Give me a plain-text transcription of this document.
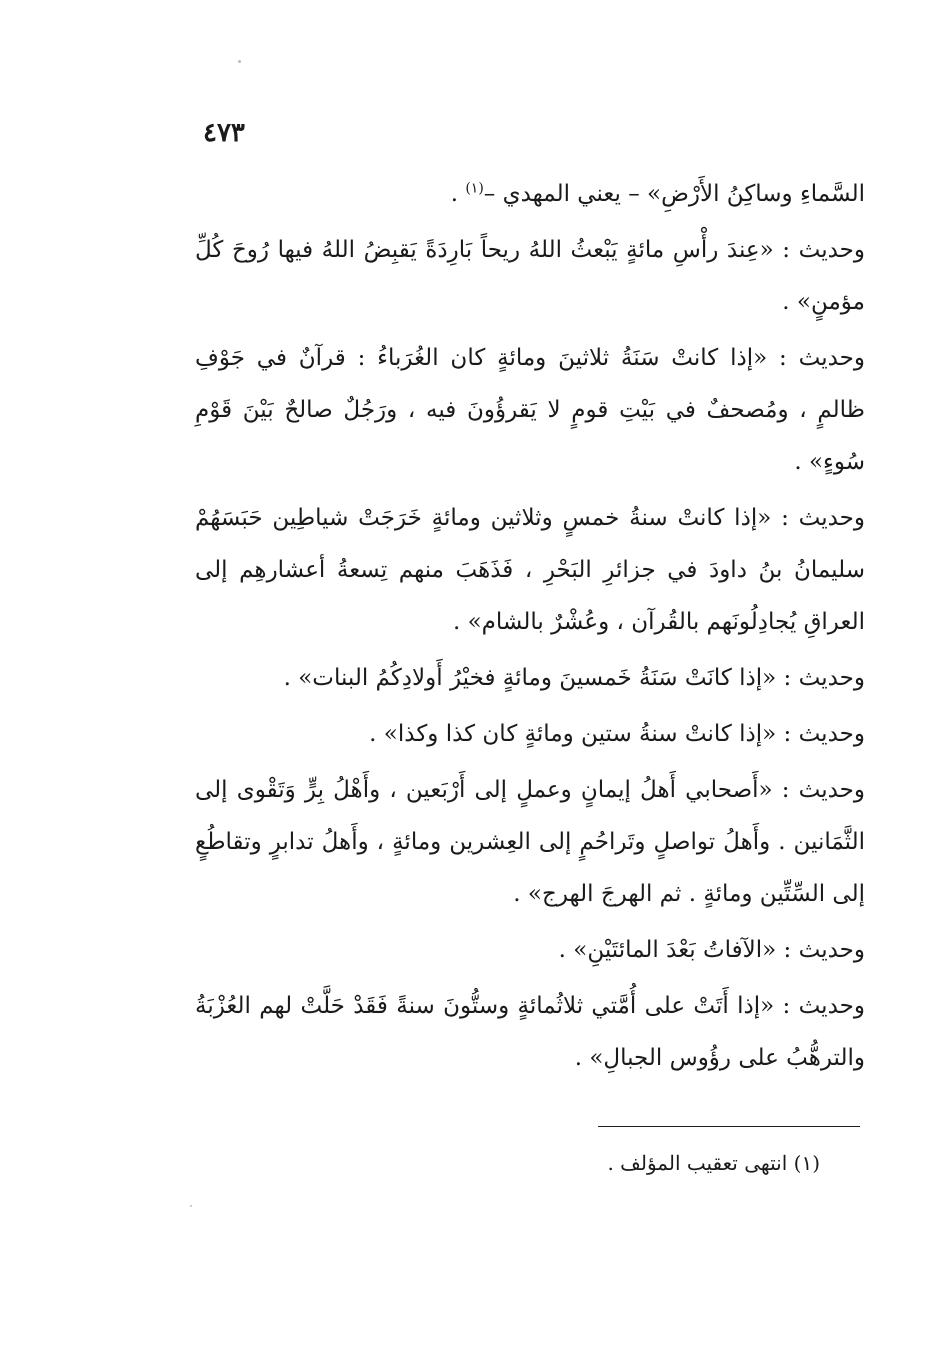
٤٧٣

السَّماءِ وساكِنُ الأَرْضِ» – يعني المهدي –$^{(١)}$ .

وحديث : «عِندَ رأْسِ مائةٍ يَبْعثُ اللهُ ريحاً بَارِدَةً يَقبِضُ اللهُ فيها رُوحَ كُلِّ مؤمنٍ» .

وحديث : «إذا كانتْ سَنَةُ ثلاثينَ ومائةٍ كان الغُرَباءُ : قرآنٌ في جَوْفِ ظالمٍ ، ومُصحفٌ في بَيْتِ قومٍ لا يَقرؤُونَ فيه ، ورَجُلٌ صالحٌ بَيْنَ قَوْمِ سُوءٍ» .

وحديث : «إذا كانتْ سنةُ خمسٍ وثلاثين ومائةٍ خَرَجَتْ شياطِين حَبَسَهُمْ سليمانُ بنُ داودَ في جزائرِ البَحْرِ ، فَذَهَبَ منهم تِسعةُ أعشارهِم إلى العراقِ يُجادِلُونَهم بالقُرآن ، وعُشْرٌ بالشام» .

وحديث : «إذا كانَتْ سَنَةُ خَمسينَ ومائةٍ فخيْرُ أَولادِكُمُ البنات» .

وحديث : «إذا كانتْ سنةُ ستين ومائةٍ كان كذا وكذا» .

وحديث : «أَصحابي أَهلُ إيمانٍ وعملٍ إلى أَرْبَعين ، وأَهْلُ بِرٍّ وَتَقْوى إلى الثَّمَانين . وأَهلُ تواصلٍ وتَراحُمٍ إلى العِشرين ومائةٍ ، وأَهلُ تدابرٍ وتقاطُعٍ إلى السِّتِّين ومائةٍ . ثم الهرجَ الهرج» .

وحديث : «الآفاتُ بَعْدَ المائتَيْنِ» .

وحديث : «إذا أَتَتْ على أُمَّتي ثلاثُمائةٍ وستُّونَ سنةً فَقَدْ حَلَّتْ لهم العُزْبَةُ والترهُّبُ على رؤُوس الجبالِ» .

(١) انتهى تعقيب المؤلف .
